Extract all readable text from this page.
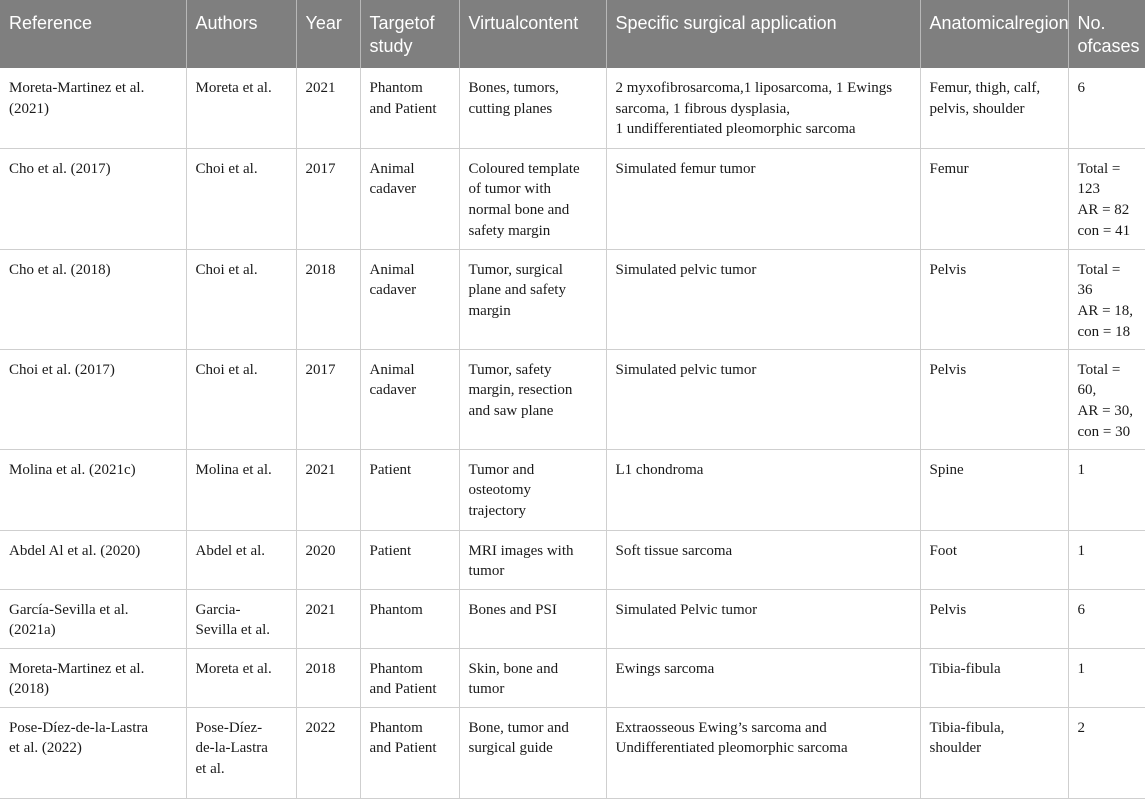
Reference	Authors	Year	Targetof study	Virtualcontent	Specific surgical application	Anatomicalregion	No. ofcases

Moreta-Martinez et al.
(2021)	Moreta et al.	2021	Phantom
and Patient	Bones, tumors,
cutting planes	2 myxofibrosarcoma,1 liposarcoma, 1 Ewings
sarcoma, 1 fibrous dysplasia,
1 undifferentiated pleomorphic sarcoma	Femur, thigh, calf,
pelvis, shoulder	6

Cho et al. (2017)	Choi et al.	2017	Animal
cadaver	Coloured template
of tumor with
normal bone and
safety margin	Simulated femur tumor	Femur	Total =
123
AR = 82
con = 41

Cho et al. (2018)	Choi et al.	2018	Animal
cadaver	Tumor, surgical
plane and safety
margin	Simulated pelvic tumor	Pelvis	Total =
36
AR = 18,
con = 18

Choi et al. (2017)	Choi et al.	2017	Animal
cadaver	Tumor, safety
margin, resection
and saw plane	Simulated pelvic tumor	Pelvis	Total =
60,
AR = 30,
con = 30

Molina et al. (2021c)	Molina et al.	2021	Patient	Tumor and
osteotomy
trajectory	L1 chondroma	Spine	1

Abdel Al et al. (2020)	Abdel et al.	2020	Patient	MRI images with
tumor	Soft tissue sarcoma	Foot	1

García-Sevilla et al.
(2021a)	Garcia-
Sevilla et al.	2021	Phantom	Bones and PSI	Simulated Pelvic tumor	Pelvis	6

Moreta-Martinez et al.
(2018)	Moreta et al.	2018	Phantom
and Patient	Skin, bone and
tumor	Ewings sarcoma	Tibia-fibula	1

Pose-Díez-de-la-Lastra
et al. (2022)	Pose-Díez-
de-la-Lastra
et al.	2022	Phantom
and Patient	Bone, tumor and
surgical guide	Extraosseous Ewing’s sarcoma and
Undifferentiated pleomorphic sarcoma	Tibia-fibula,
shoulder	2
